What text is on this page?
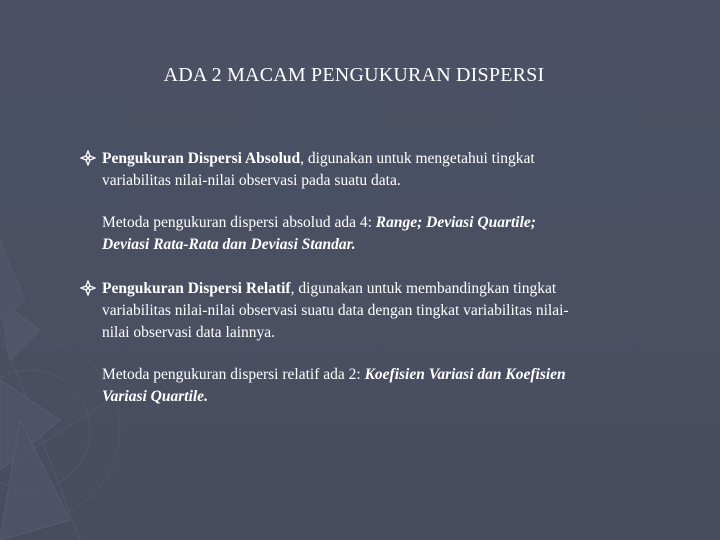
ADA 2 MACAM PENGUKURAN DISPERSI
Pengukuran Dispersi Absolud, digunakan untuk mengetahui tingkat
variabilitas nilai-nilai observasi pada suatu data.
Metoda pengukuran dispersi absolud ada 4: Range; Deviasi Quartile;
Deviasi Rata-Rata dan Deviasi Standar.
Pengukuran Dispersi Relatif, digunakan untuk membandingkan tingkat
variabilitas nilai-nilai observasi suatu data dengan tingkat variabilitas nilai-
nilai observasi data lainnya.
Metoda pengukuran dispersi relatif ada 2: Koefisien Variasi dan Koefisien
Variasi Quartile.
